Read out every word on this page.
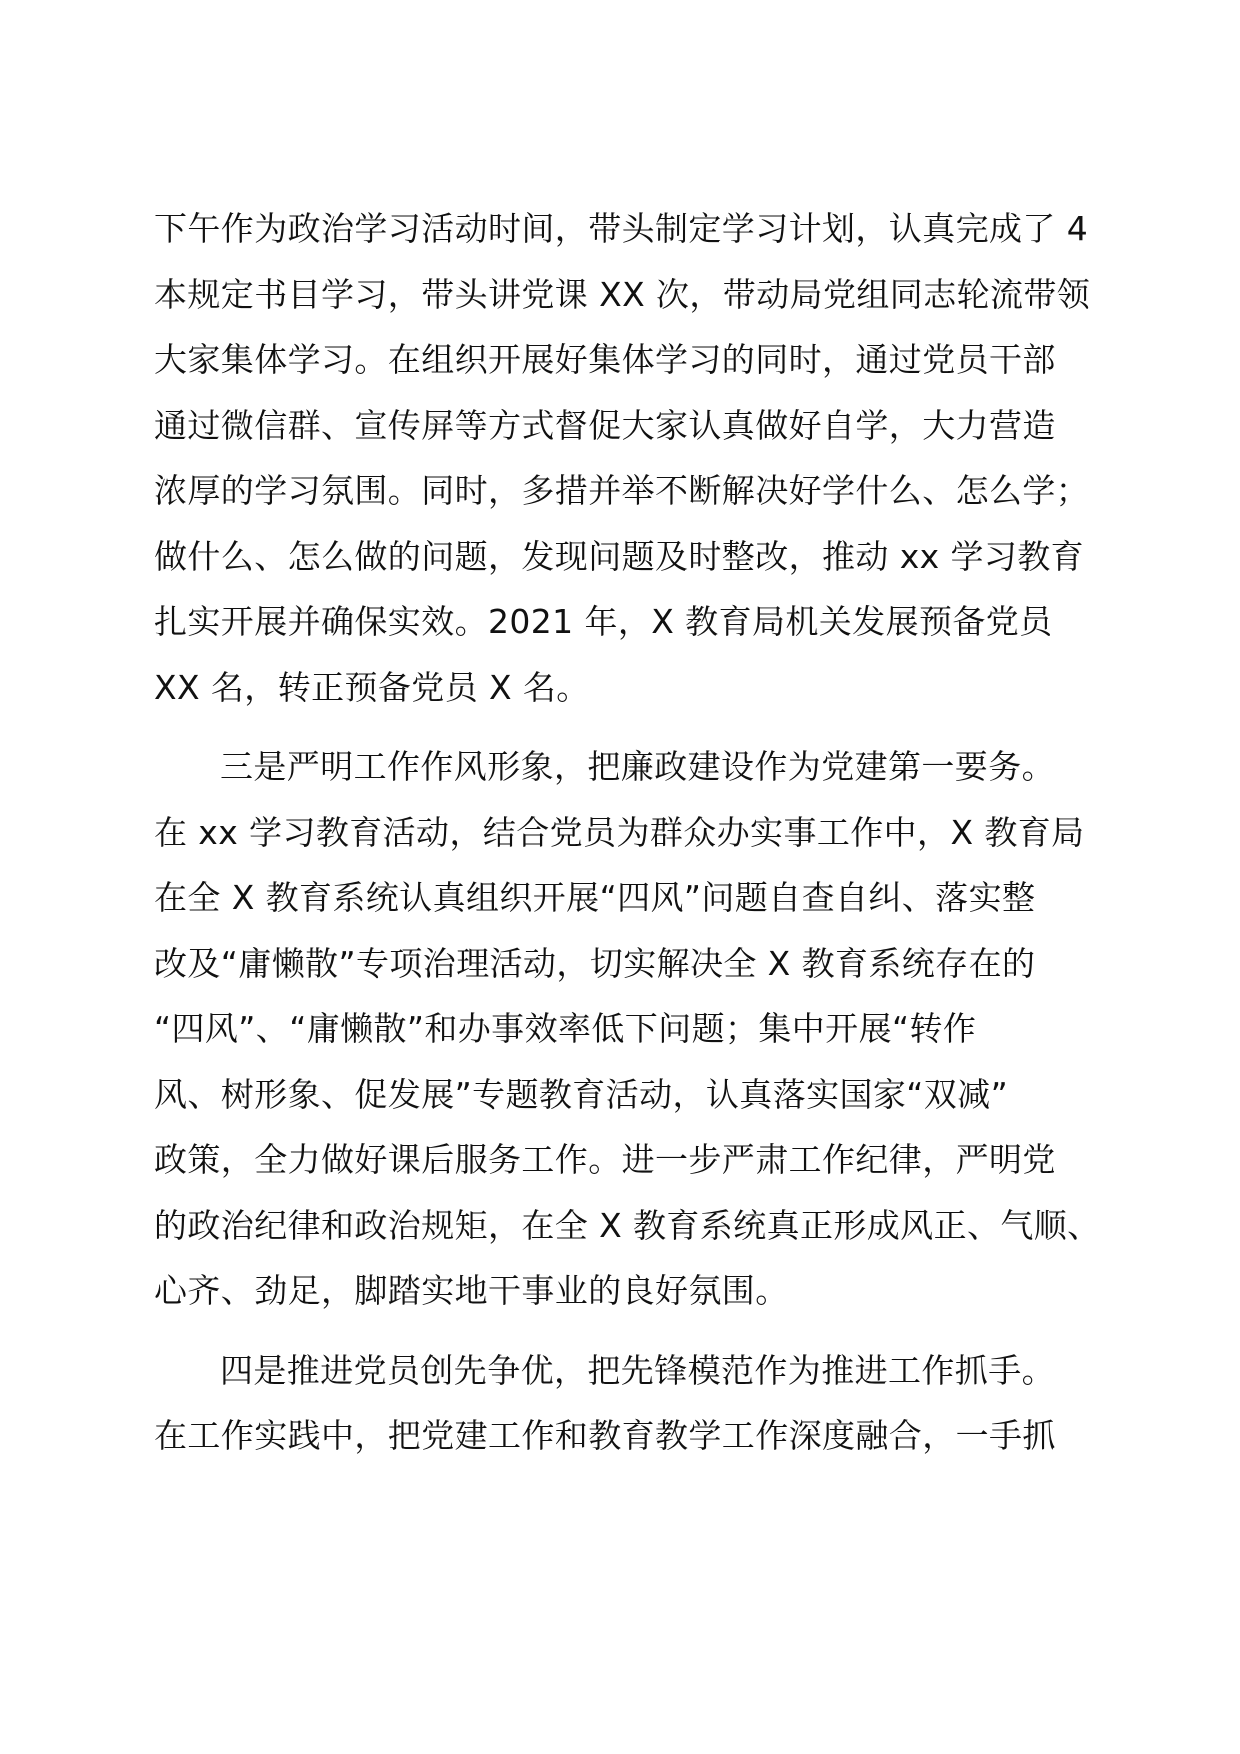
下午作为政治学习活动时间，带头制定学习计划，认真完成了 4
本规定书目学习，带头讲党课 XX 次，带动局党组同志轮流带领
大家集体学习。在组织开展好集体学习的同时，通过党员干部
通过微信群、宣传屏等方式督促大家认真做好自学，大力营造
浓厚的学习氛围。同时，多措并举不断解决好学什么、怎么学；
做什么、怎么做的问题，发现问题及时整改，推动 xx 学习教育
扎实开展并确保实效。2021 年，X 教育局机关发展预备党员
XX 名，转正预备党员 X 名。

三是严明工作作风形象，把廉政建设作为党建第一要务。
在 xx 学习教育活动，结合党员为群众办实事工作中，X 教育局
在全 X 教育系统认真组织开展“四风”问题自查自纠、落实整
改及“庸懒散”专项治理活动，切实解决全 X 教育系统存在的
“四风”、“庸懒散”和办事效率低下问题；集中开展“转作
风、树形象、促发展”专题教育活动，认真落实国家“双减”
政策，全力做好课后服务工作。进一步严肃工作纪律，严明党
的政治纪律和政治规矩，在全 X 教育系统真正形成风正、气顺、
心齐、劲足，脚踏实地干事业的良好氛围。

四是推进党员创先争优，把先锋模范作为推进工作抓手。
在工作实践中，把党建工作和教育教学工作深度融合，一手抓
